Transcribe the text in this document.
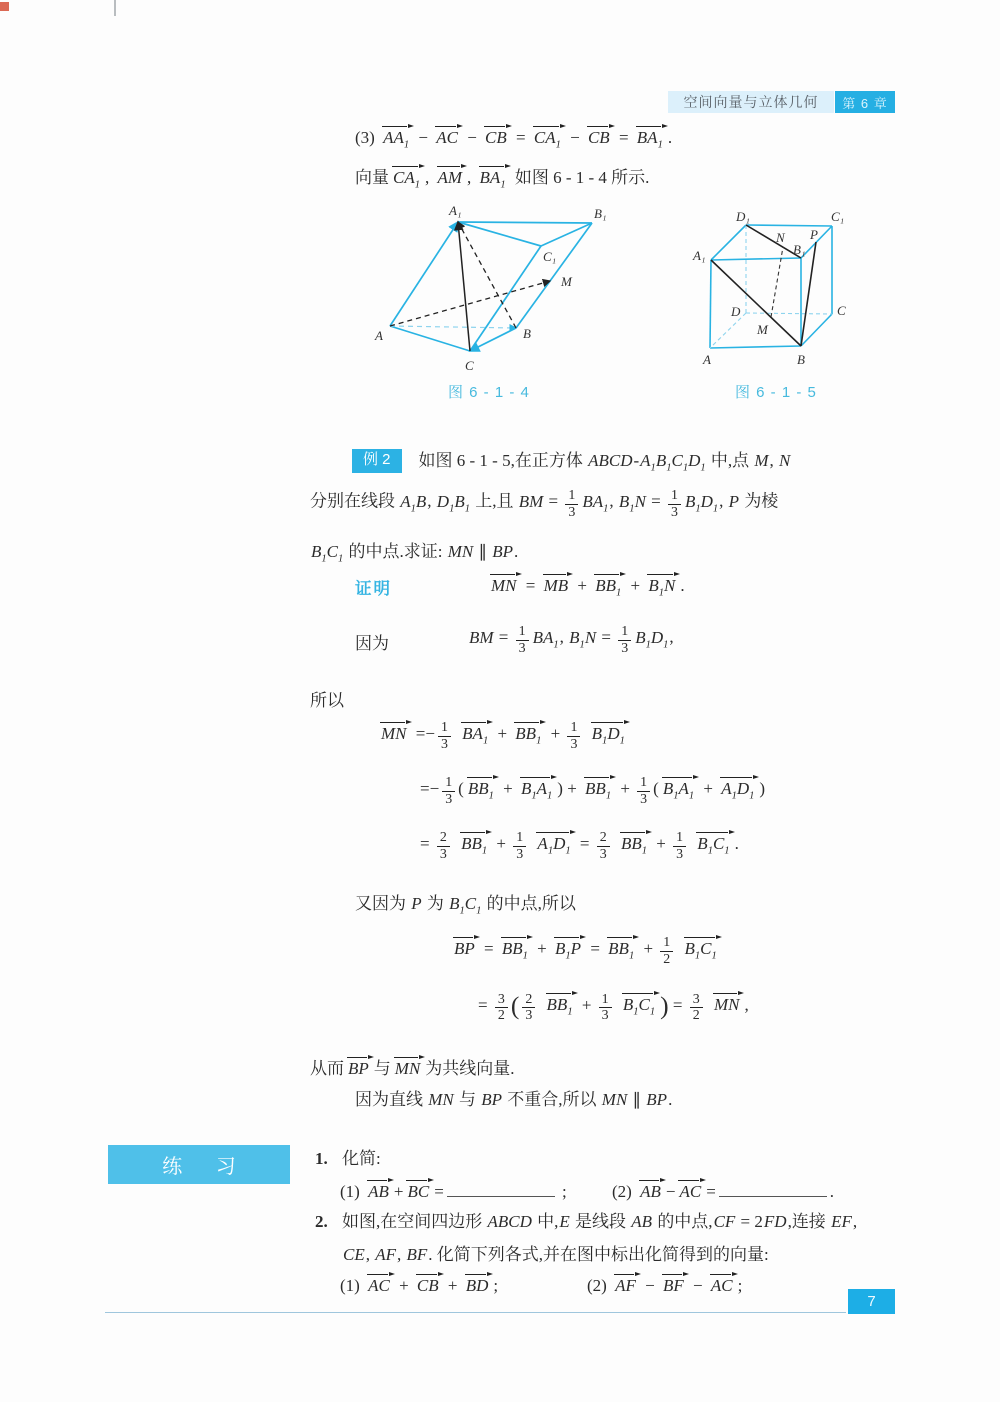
空间向量与立体几何	第 6 章
(3) $AA_1$ − AC − CB = $CA_1$ − CB = $BA_1$ .
向量 $CA_1$ , AM , $BA_1$ 如图 6 - 1 - 4 所示.
A₁	B₁
C₁
M
A	B
C
图 6 - 1 - 4
D₁	C₁
A₁	B₁
N P
D	C
M
A	B
图 6 - 1 - 5
例 2 如图 6 - 1 - 5,在正方体 ABCD-$A_1B_1C_1D_1$ 中,点 M, N
分别在线段 $A_1B$, $D_1B_1$ 上,且 BM = $\frac{1}{3} BA_1$, $B_1N = \frac{1}{3} B_1D_1$, P 为棱
$B_1C_1$ 的中点.求证: MN ∥ BP.
证明	MN = MB + $BB_1 + B_1N$ .
因为	BM = $\frac{1}{3} BA_1$, $B_1N = \frac{1}{3} B_1D_1$,
所以
MN =− $\frac{1}{3} BA_1 + BB_1 + \frac{1}{3} B_1D_1$
=− $\frac{1}{3}$ ( $BB_1 + B_1A_1$ ) + $BB_1 + \frac{1}{3}$ ( $B_1A_1 + A_1D_1$ )
= $\frac{2}{3} BB_1 + \frac{1}{3} A_1D_1 = \frac{2}{3} BB_1 + \frac{1}{3} B_1C_1$ .
又因为 P 为 $B_1C_1$ 的中点,所以
BP = $BB_1 + B_1P = BB_1 + \frac{1}{2} B_1C_1$
= $\frac{3}{2}$ ( $\frac{2}{3} BB_1 + \frac{1}{3} B_1C_1$ ) = $\frac{3}{2}$ MN ,
从而 BP 与 MN 为共线向量.
因为直线 MN 与 BP 不重合,所以 MN ∥ BP.
练 习	1. 化简:
(1) AB + BC =	;	(2) AB − AC =	.
2. 如图,在空间四边形 ABCD 中,E 是线段 AB 的中点,CF = 2FD,连接 EF,
CE, AF, BF. 化简下列各式,并在图中标出化简得到的向量:
(1) AC + CB + BD ;	(2) AF − BF − AC ;
7
